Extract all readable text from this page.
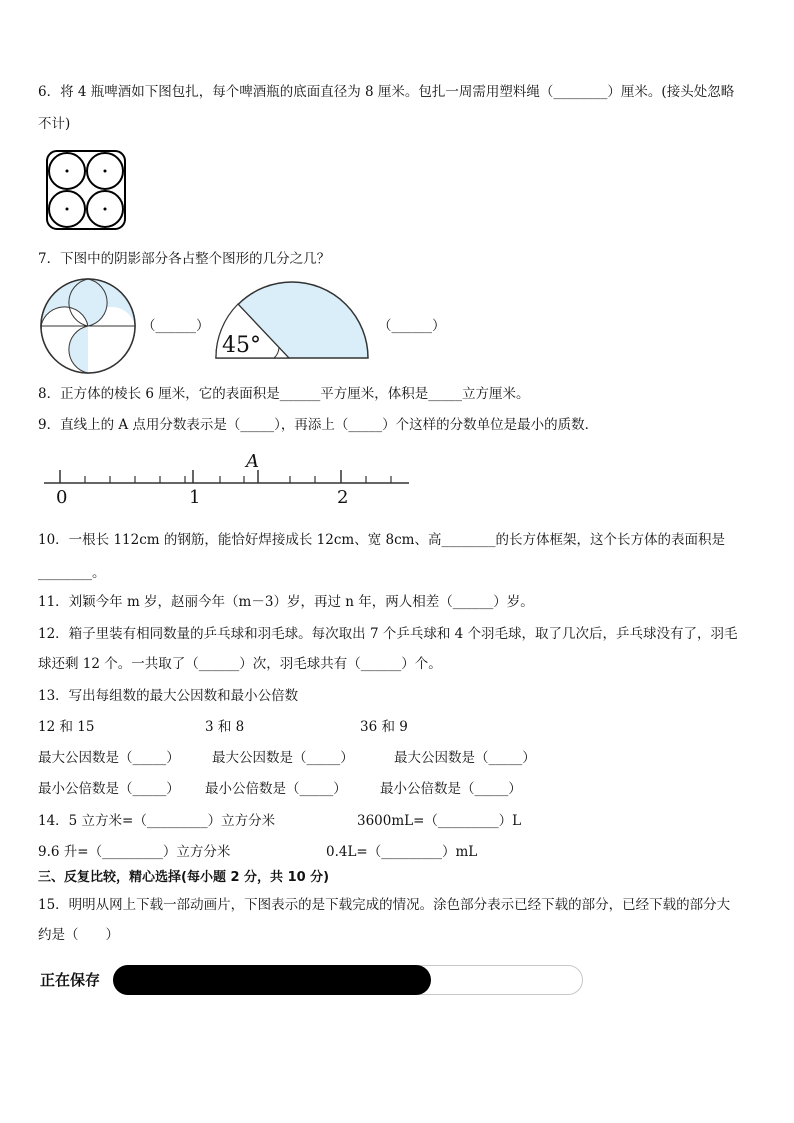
6．将 4 瓶啤酒如下图包扎，每个啤酒瓶的底面直径为 8 厘米。包扎一周需用塑料绳（________）厘米。(接头处忽略
不计)
7．下图中的阴影部分各占整个图形的几分之几？
（______）
45°
（______）
8．正方体的棱长 6 厘米，它的表面积是______平方厘米，体积是_____立方厘米。
9．直线上的 A 点用分数表示是（_____），再添上（_____）个这样的分数单位是最小的质数．
0	1	2
A
10．一根长 112cm 的钢筋，能恰好焊接成长 12cm、宽 8cm、高________的长方体框架，这个长方体的表面积是
________。
11．刘颖今年 m 岁，赵丽今年（m－3）岁，再过 n 年，两人相差（______）岁。
12．箱子里装有相同数量的乒乓球和羽毛球。每次取出 7 个乒乓球和 4 个羽毛球，取了几次后，乒乓球没有了，羽毛
球还剩 12 个。一共取了（______）次，羽毛球共有（______）个。
13．写出每组数的最大公因数和最小公倍数
12 和 15	3 和 8	36 和 9
最大公因数是（_____） 最大公因数是（_____）	最大公因数是（_____）
最小公倍数是（_____） 最小公倍数是（_____） 最小公倍数是（_____）
14．5 立方米=（_________）立方分米	3600mL=（_________）L
9.6 升=（_________）立方分米	0.4L=（_________）mL
三、反复比较，精心选择(每小题 2 分，共 10 分)
15．明明从网上下载一部动画片，下图表示的是下载完成的情况。涂色部分表示已经下载的部分，已经下载的部分大
约是（　　）
正在保存
